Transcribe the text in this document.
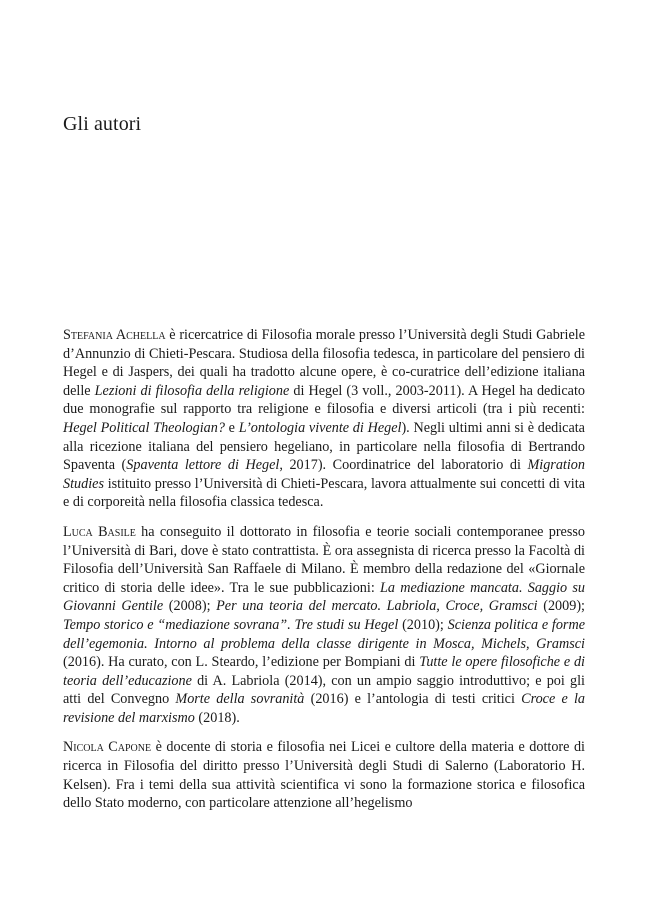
Gli autori

Stefania Achella è ricercatrice di Filosofia morale presso l’Università degli Studi Gabriele d’Annunzio di Chieti-Pescara. Studiosa della filosofia tedesca, in particolare del pensiero di Hegel e di Jaspers, dei quali ha tradotto alcune opere, è co-curatrice dell’edizione italiana delle Lezioni di filosofia della religione di Hegel (3 voll., 2003-2011). A Hegel ha dedicato due monografie sul rapporto tra religione e filosofia e diversi articoli (tra i più recenti: Hegel Political Theologian? e L’ontologia vivente di Hegel). Negli ultimi anni si è dedicata alla ricezione italiana del pensiero hegeliano, in particolare nella filosofia di Bertrando Spaventa (Spaventa lettore di Hegel, 2017). Coordinatrice del laboratorio di Migration Studies istituito presso l’Università di Chieti-Pescara, lavora attualmente sui concetti di vita e di corporeità nella filosofia classica tedesca.

Luca Basile ha conseguito il dottorato in filosofia e teorie sociali contemporanee presso l’Università di Bari, dove è stato contrattista. È ora assegnista di ricerca presso la Facoltà di Filosofia dell’Università San Raffaele di Milano. È membro della redazione del «Giornale critico di storia delle idee». Tra le sue pubblicazioni: La mediazione mancata. Saggio su Giovanni Gentile (2008); Per una teoria del mercato. Labriola, Croce, Gramsci (2009); Tempo storico e “mediazione sovrana”. Tre studi su Hegel (2010); Scienza politica e forme dell’egemonia. Intorno al problema della classe dirigente in Mosca, Michels, Gramsci (2016). Ha curato, con L. Steardo, l’edizione per Bompiani di Tutte le opere filosofiche e di teoria dell’educazione di A. Labriola (2014), con un ampio saggio introduttivo; e poi gli atti del Convegno Morte della sovranità (2016) e l’antologia di testi critici Croce e la revisione del marxismo (2018).

Nicola Capone è docente di storia e filosofia nei Licei e cultore della materia e dottore di ricerca in Filosofia del diritto presso l’Università degli Studi di Salerno (Laboratorio H. Kelsen). Fra i temi della sua attività scientifica vi sono la formazione storica e filosofica dello Stato moderno, con particolare attenzione all’hegelismo
